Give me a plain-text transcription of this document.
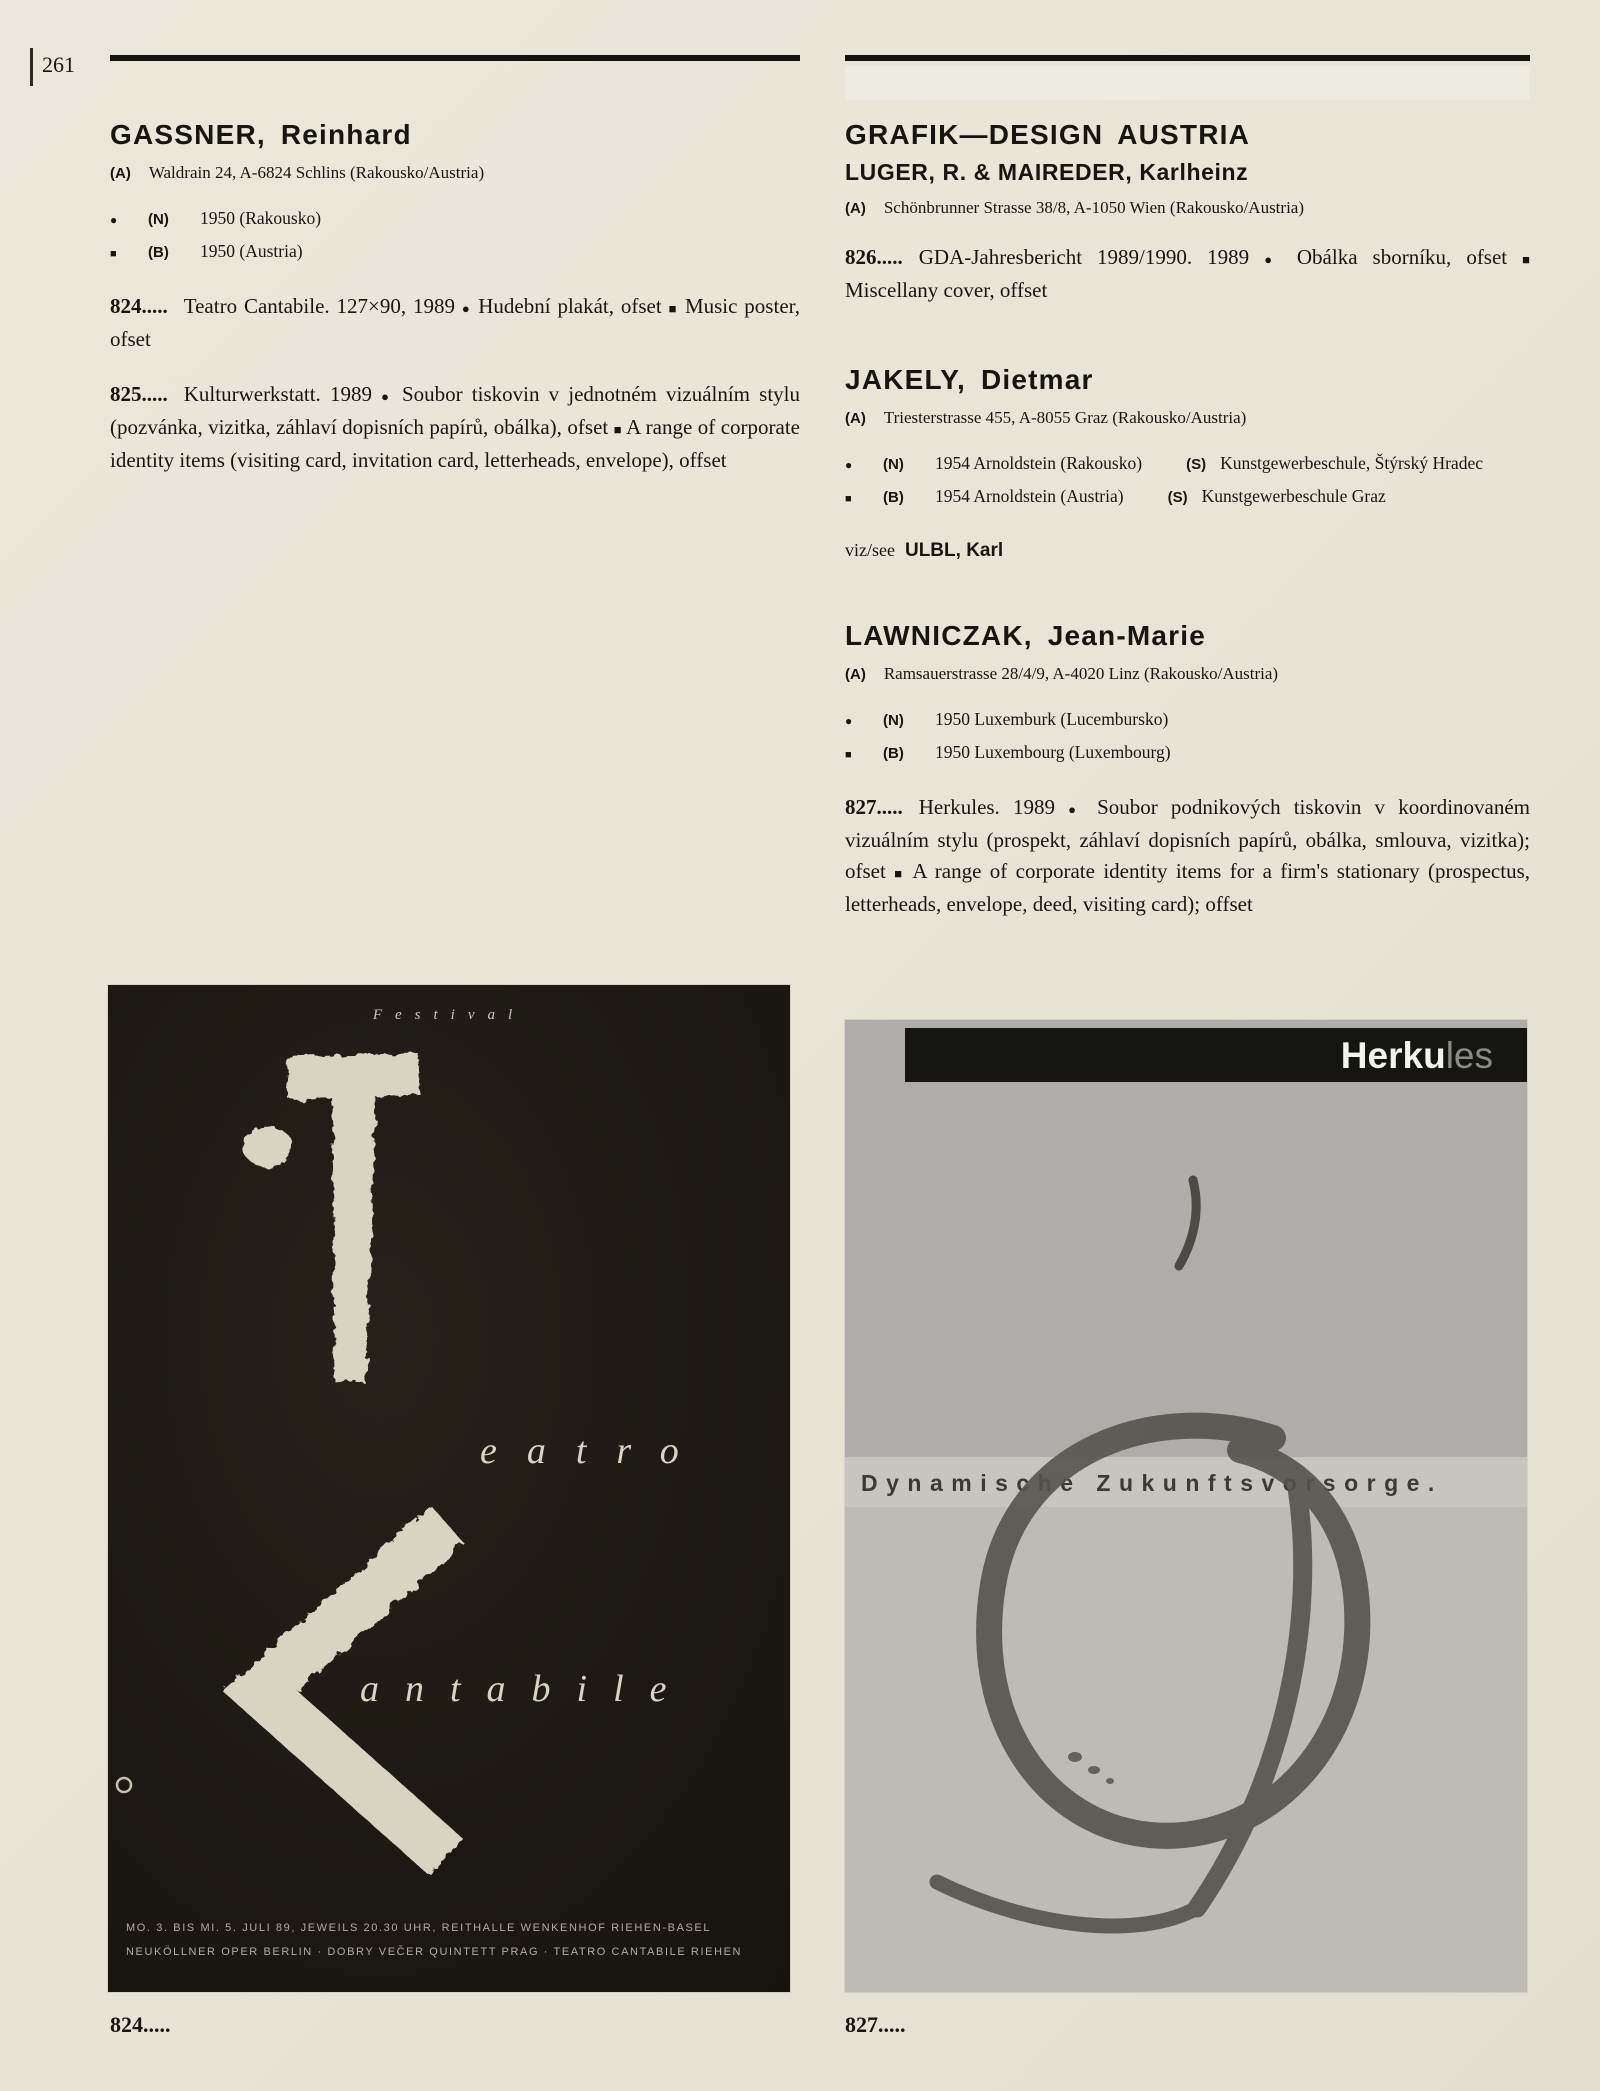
261
GASSNER, Reinhard

(A) Waldrain 24, A-6824 Schlins (Rakousko/Austria)

● (N) 1950 (Rakousko)

■ (B) 1950 (Austria)

824..... Teatro Cantabile. 127×90, 1989 ● Hudební plakát, ofset ■ Music poster, ofset

825..... Kulturwerkstatt. 1989 ● Soubor tiskovin v jednotném vizuálním stylu (pozvánka, vizitka, záhlaví dopisních papírů, obálka), ofset ■ A range of corporate identity items (visiting card, invitation card, letterheads, envelope), offset

GRAFIK—DESIGN AUSTRIA
LUGER, R. & MAIREDER, Karlheinz

(A) Schönbrunner Strasse 38/8, A-1050 Wien (Rakousko/Austria)

826..... GDA-Jahresbericht 1989/1990. 1989 ● Obálka sborníku, ofset ■ Miscellany cover, offset

JAKELY, Dietmar

(A) Triesterstrasse 455, A-8055 Graz (Rakousko/Austria)

● (N) 1954 Arnoldstein (Rakousko)	(S) Kunstgewerbeschule, Štýrský Hradec

■ (B) 1954 Arnoldstein (Austria)	(S) Kunstgewerbeschule Graz

viz/see ULBL, Karl

LAWNICZAK, Jean-Marie

(A) Ramsauerstrasse 28/4/9, A-4020 Linz (Rakousko/Austria)

● (N) 1950 Luxemburk (Lucembursko)

■ (B) 1950 Luxembourg (Luxembourg)

827..... Herkules. 1989 ● Soubor podnikových tiskovin v koordinovaném vizuálním stylu (prospekt, záhlaví dopisních papírů, obálka, smlouva, vizitka); ofset ■ A range of corporate identity items for a firm's stationary (prospectus, letterheads, envelope, deed, visiting card); offset

Festival
eatro
antabile
MO. 3. BIS MI. 5. JULI 89, JEWEILS 20.30 UHR, REITHALLE WENKENHOF RIEHEN-BASEL
NEUKÖLLNER OPER BERLIN · DOBRY VEČER QUINTETT PRAG · TEATRO CANTABILE RIEHEN
824.....
Herkules
Dynamische Zukunftsvorsorge.
827.....
